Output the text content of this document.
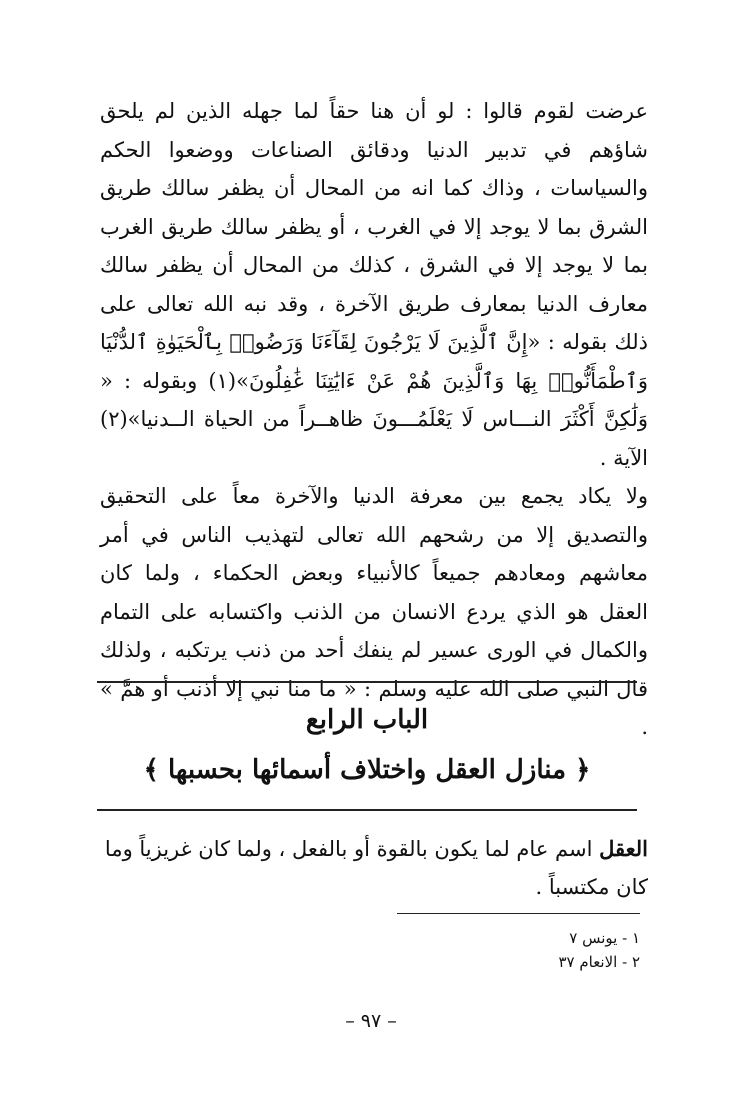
عرضت لقوم قالوا : لو أن هنا حقاً لما جهله الذين لم يلحق شاؤهم في تدبير الدنيا ودقائق الصناعات ووضعوا الحكم والسياسات ، وذاك كما انه من المحال أن يظفر سالك طريق الشرق بما لا يوجد إلا في الغرب ، أو يظفر سالك طريق الغرب بما لا يوجد إلا في الشرق ، كذلك من المحال أن يظفر سالك معارف الدنيا بمعارف طريق الآخرة ، وقد نبه الله تعالى على ذلك بقوله : «إِنَّ ٱلَّذِينَ لَا يَرْجُونَ لِقَآءَنَا وَرَضُوا۟ بِٱلْحَيَوٰةِ ٱلدُّنْيَا وَٱطْمَأَنُّوا۟ بِهَا وَٱلَّذِينَ هُمْ عَنْ ءَايَٰتِنَا غَٰفِلُونَ»(١) وبقوله : « وَلَٰكِنَّ أَكْثَرَ النـــاس لَا يَعْلَمُـــونَ ظاهــراً من الحياة الــدنيا»(٢) الآية .

ولا يكاد يجمع بين معرفة الدنيا والآخرة معاً على التحقيق والتصديق إلا من رشحهم الله تعالى لتهذيب الناس في أمر معاشهم ومعادهم جميعاً كالأنبياء وبعض الحكماء ، ولما كان العقل هو الذي يردع الانسان من الذنب واكتسابه على التمام والكمال في الورى عسير لم ينفك أحد من ذنب يرتكبه ، ولذلك قال النبي صلى الله عليه وسلم : « ما منا نبي إلا أذنب أو همَّ » .

الباب الرابع
﴿ منازل العقل واختلاف أسمائها بحسبها ﴾

العقل اسم عام لما يكون بالقوة أو بالفعل ، ولما كان غريزياً وما كان مكتسباً .

١ - يونس ٧
٢ - الانعام ٣٧
– ٩٧ –
